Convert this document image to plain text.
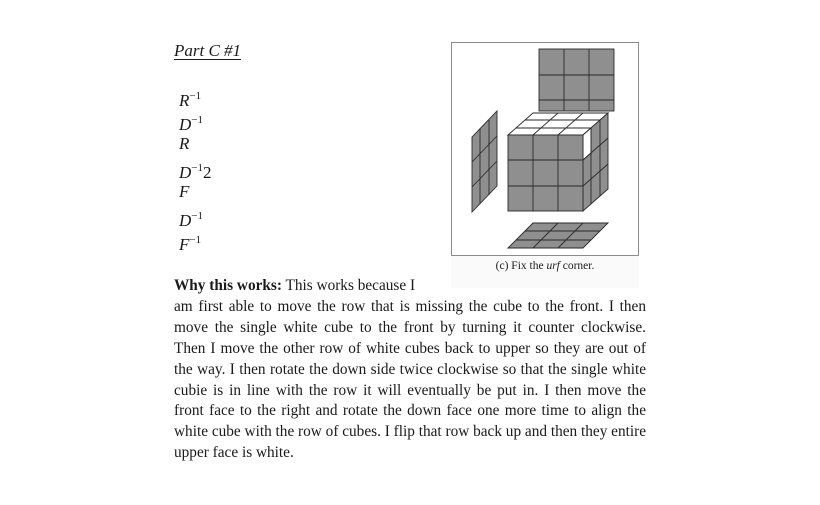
Part C #1
$R^{-1}$
$D^{-1}$
R
$D^{-1}2$
F
$D^{-1}$
$F^{-1}$
(c) Fix the urf corner.
Why this works: This works because I
am first able to move the row that is missing the cube to the front. I then move the single white cube to the front by turning it counter clockwise. Then I move the other row of white cubes back to upper so they are out of the way. I then rotate the down side twice clockwise so that the single white cubie is in line with the row it will eventually be put in. I then move the front face to the right and rotate the down face one more time to align the white cube with the row of cubes. I flip that row back up and then they entire upper face is white.
